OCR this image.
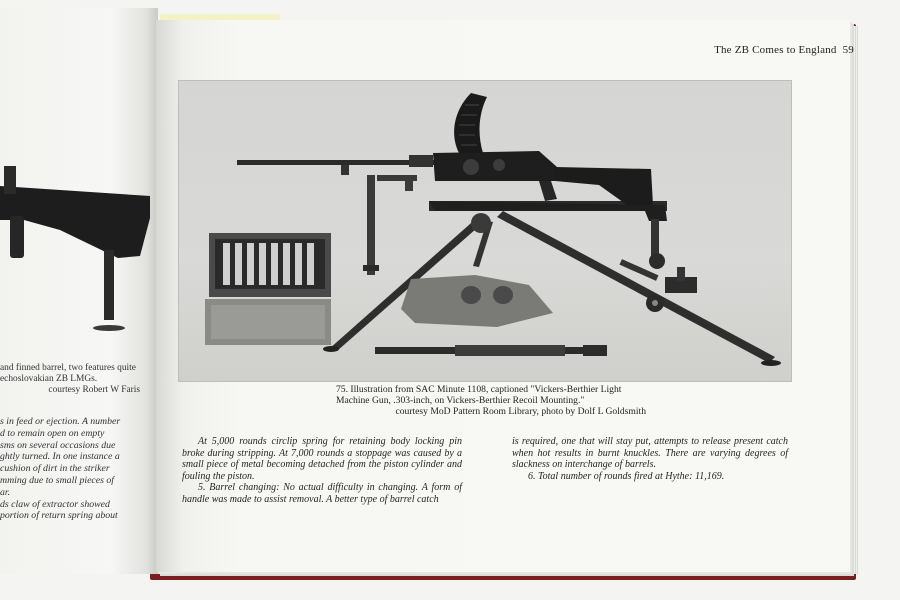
and finned barrel, two features quite
echoslovakian ZB LMGs.
courtesy Robert W Faris
s in feed or ejection. A number
d to remain open on empty
sms on several occasions due
ghtly turned. In one instance a
cushion of dirt in the striker
mming due to small pieces of
ar.
ds claw of extractor showed
portion of return spring about
The ZB Comes to England 59
75. Illustration from SAC Minute 1108, captioned "Vickers-Berthier Light
Machine Gun, .303-inch, on Vickers-Berthier Recoil Mounting."
courtesy MoD Pattern Room Library, photo by Dolf L Goldsmith

At 5,000 rounds circlip spring for retaining body locking pin broke during stripping. At 7,000 rounds a stoppage was caused by a small piece of metal becoming detached from the piston cylinder and fouling the piston.

5. Barrel changing: No actual difficulty in changing. A form of handle was made to assist removal. A better type of barrel catch

is required, one that will stay put, attempts to release present catch when hot results in burnt knuckles. There are varying degrees of slackness on interchange of barrels.

6. Total number of rounds fired at Hythe: 11,169.
